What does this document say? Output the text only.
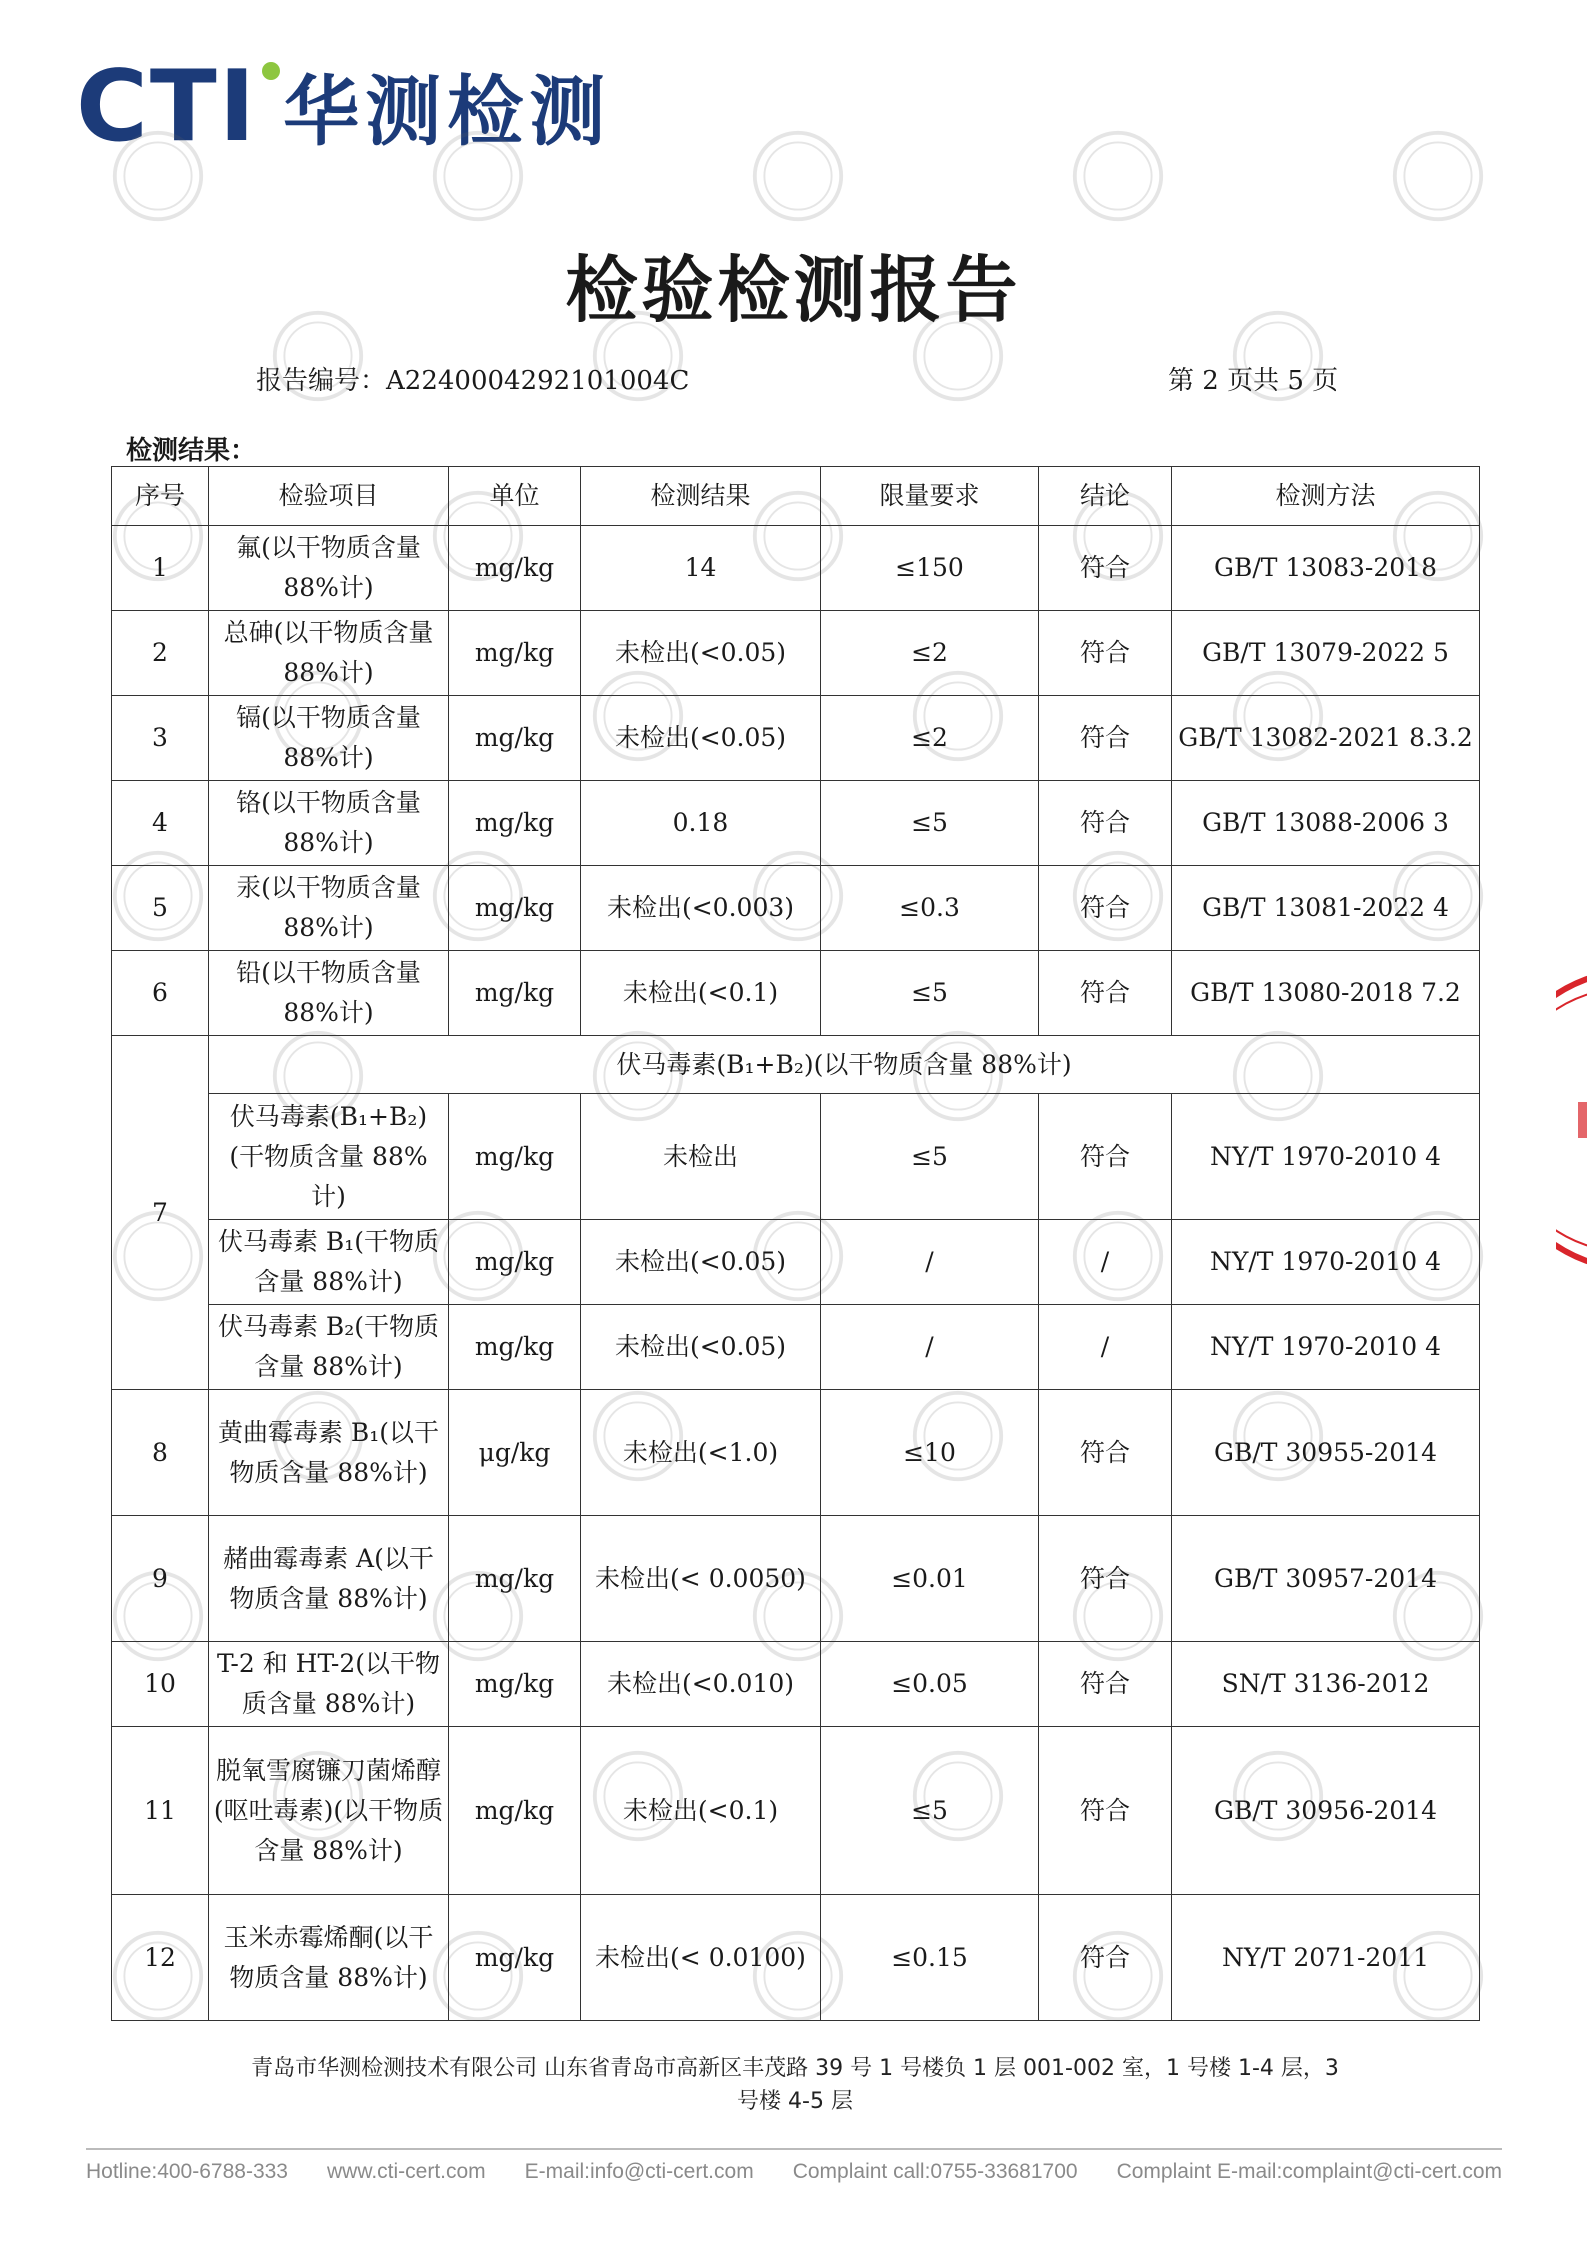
CTI 华测检测
检验检测报告
报告编号：A2240004292101004C	第 2 页共 5 页
检测结果：
序号	检验项目	单位	检测结果	限量要求	结论	检测方法
1	氟(以干物质含量88%计)	mg/kg	14	≤150	符合	GB/T 13083-2018
2	总砷(以干物质含量 88%计)	mg/kg	未检出(<0.05)	≤2	符合	GB/T 13079-2022 5
3	镉(以干物质含量88%计)	mg/kg	未检出(<0.05)	≤2	符合	GB/T 13082-2021 8.3.2
4	铬(以干物质含量88%计)	mg/kg	0.18	≤5	符合	GB/T 13088-2006 3
5	汞(以干物质含量88%计)	mg/kg	未检出(<0.003)	≤0.3	符合	GB/T 13081-2022 4
6	铅(以干物质含量88%计)	mg/kg	未检出(<0.1)	≤5	符合	GB/T 13080-2018 7.2
7	伏马毒素(B₁+B₂)(以干物质含量 88%计)					
	伏马毒素(B₁+B₂)(干物质含量 88%计)	mg/kg	未检出	≤5	符合	NY/T 1970-2010 4
	伏马毒素 B₁(干物质含量 88%计)	mg/kg	未检出(<0.05)	/	/	NY/T 1970-2010 4
	伏马毒素 B₂(干物质含量 88%计)	mg/kg	未检出(<0.05)	/	/	NY/T 1970-2010 4
8	黄曲霉毒素 B₁(以干物质含量 88%计)	μg/kg	未检出(<1.0)	≤10	符合	GB/T 30955-2014
9	赭曲霉毒素 A(以干物质含量 88%计)	mg/kg	未检出(< 0.0050)	≤0.01	符合	GB/T 30957-2014
10	T-2 和 HT-2(以干物质含量 88%计)	mg/kg	未检出(<0.010)	≤0.05	符合	SN/T 3136-2012
11	脱氧雪腐镰刀菌烯醇(呕吐毒素)(以干物质含量 88%计)	mg/kg	未检出(<0.1)	≤5	符合	GB/T 30956-2014
12	玉米赤霉烯酮(以干物质含量 88%计)	mg/kg	未检出(< 0.0100)	≤0.15	符合	NY/T 2071-2011
青岛市华测检测技术有限公司 山东省青岛市高新区丰茂路 39 号 1 号楼负 1 层 001-002 室，1 号楼 1-4 层，3 号楼 4-5 层
Hotline:400-6788-333 www.cti-cert.com E-mail:info@cti-cert.com Complaint call:0755-33681700 Complaint E-mail:complaint@cti-cert.com
